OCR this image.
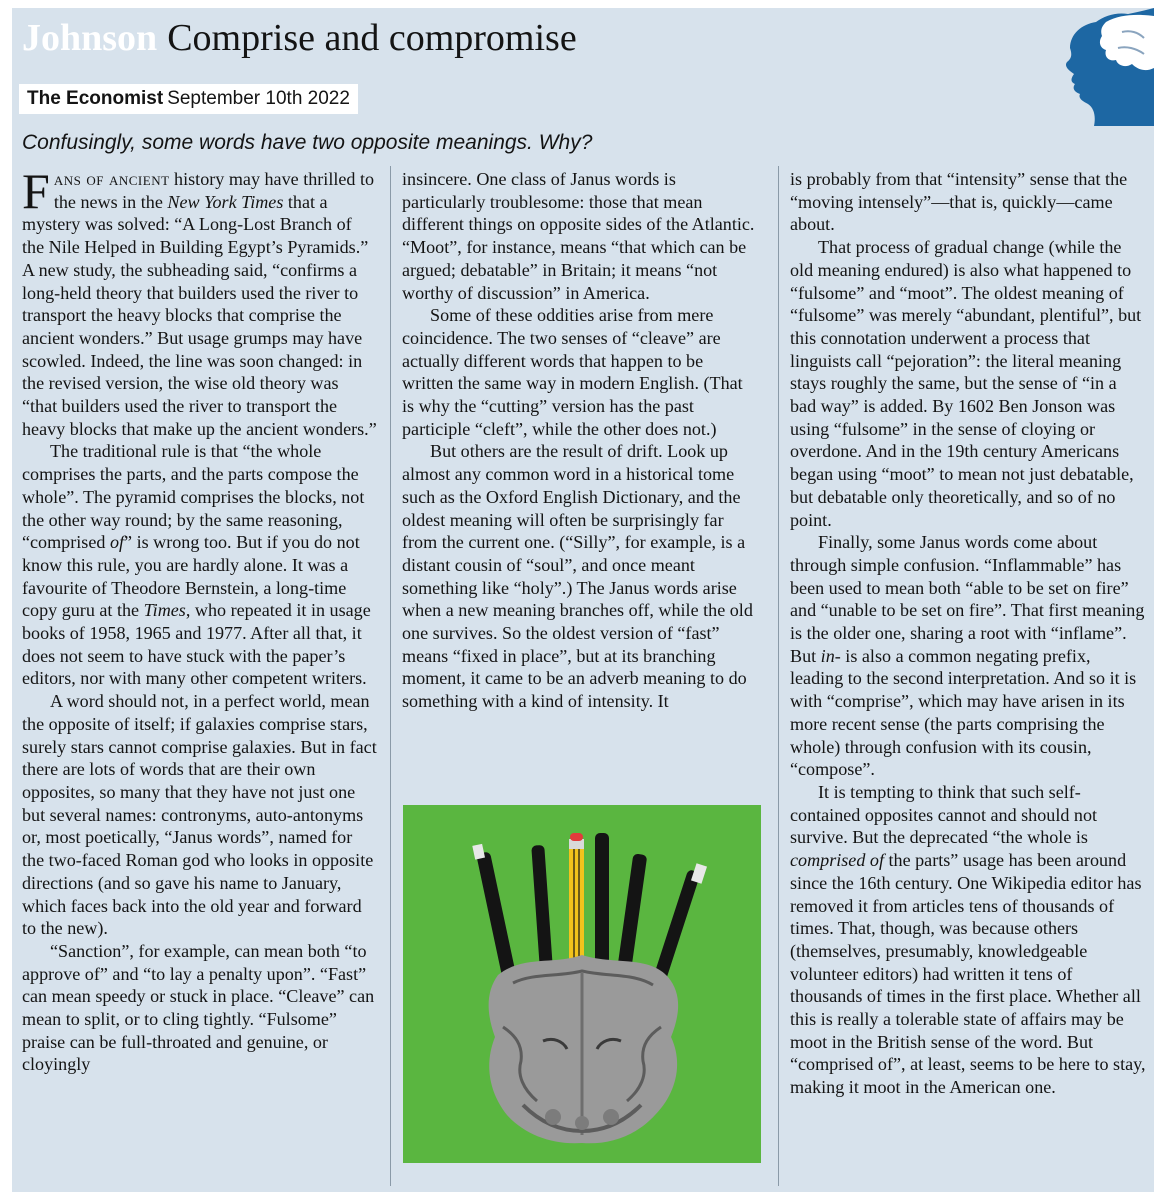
Johnson Comprise and compromise
The Economist September 10th 2022
Confusingly, some words have two opposite meanings. Why?

Fans of ancient history may have thrilled to the news in the New York Times that a mystery was solved: “A Long-Lost Branch of the Nile Helped in Building Egypt’s Pyramids.” A new study, the subheading said, “confirms a long-held theory that builders used the river to transport the heavy blocks that comprise the ancient wonders.” But usage grumps may have scowled. Indeed, the line was soon changed: in the revised version, the wise old theory was “that builders used the river to transport the heavy blocks that make up the ancient wonders.”

The traditional rule is that “the whole comprises the parts, and the parts compose the whole”. The pyramid comprises the blocks, not the other way round; by the same reasoning, “comprised of” is wrong too. But if you do not know this rule, you are hardly alone. It was a favourite of Theodore Bernstein, a long-time copy guru at the Times, who repeated it in usage books of 1958, 1965 and 1977. After all that, it does not seem to have stuck with the paper’s editors, nor with many other competent writers.

A word should not, in a perfect world, mean the opposite of itself; if galaxies comprise stars, surely stars cannot comprise galaxies. But in fact there are lots of words that are their own opposites, so many that they have not just one but several names: contronyms, auto-antonyms or, most poetically, “Janus words”, named for the two-faced Roman god who looks in opposite directions (and so gave his name to January, which faces back into the old year and forward to the new).

“Sanction”, for example, can mean both “to approve of” and “to lay a penalty upon”. “Fast” can mean speedy or stuck in place. “Cleave” can mean to split, or to cling tightly. “Fulsome” praise can be full-throated and genuine, or cloyingly

insincere. One class of Janus words is particularly troublesome: those that mean different things on opposite sides of the Atlantic. “Moot”, for instance, means “that which can be argued; debatable” in Britain; it means “not worthy of discussion” in America.

Some of these oddities arise from mere coincidence. The two senses of “cleave” are actually different words that happen to be written the same way in modern English. (That is why the “cutting” version has the past participle “cleft”, while the other does not.)

But others are the result of drift. Look up almost any common word in a historical tome such as the Oxford English Dictionary, and the oldest meaning will often be surprisingly far from the current one. (“Silly”, for example, is a distant cousin of “soul”, and once meant something like “holy”.) The Janus words arise when a new meaning branches off, while the old one survives. So the oldest version of “fast” means “fixed in place”, but at its branching moment, it came to be an adverb meaning to do something with a kind of intensity. It

is probably from that “intensity” sense that the “moving intensely”—that is, quickly—came about.

That process of gradual change (while the old meaning endured) is also what happened to “fulsome” and “moot”. The oldest meaning of “fulsome” was merely “abundant, plentiful”, but this connotation underwent a process that linguists call “pejoration”: the literal meaning stays roughly the same, but the sense of “in a bad way” is added. By 1602 Ben Jonson was using “fulsome” in the sense of cloying or overdone. And in the 19th century Americans began using “moot” to mean not just debatable, but debatable only theoretically, and so of no point.

Finally, some Janus words come about through simple confusion. “Inflammable” has been used to mean both “able to be set on fire” and “unable to be set on fire”. That first meaning is the older one, sharing a root with “inflame”. But in- is also a common negating prefix, leading to the second interpretation. And so it is with “comprise”, which may have arisen in its more recent sense (the parts comprising the whole) through confusion with its cousin, “compose”.

It is tempting to think that such self-contained opposites cannot and should not survive. But the deprecated “the whole is comprised of the parts” usage has been around since the 16th century. One Wikipedia editor has removed it from articles tens of thousands of times. That, though, was because others (themselves, presumably, knowledgeable volunteer editors) had written it tens of thousands of times in the first place. Whether all this is really a tolerable state of affairs may be moot in the British sense of the word. But “comprised of”, at least, seems to be here to stay, making it moot in the American one.
